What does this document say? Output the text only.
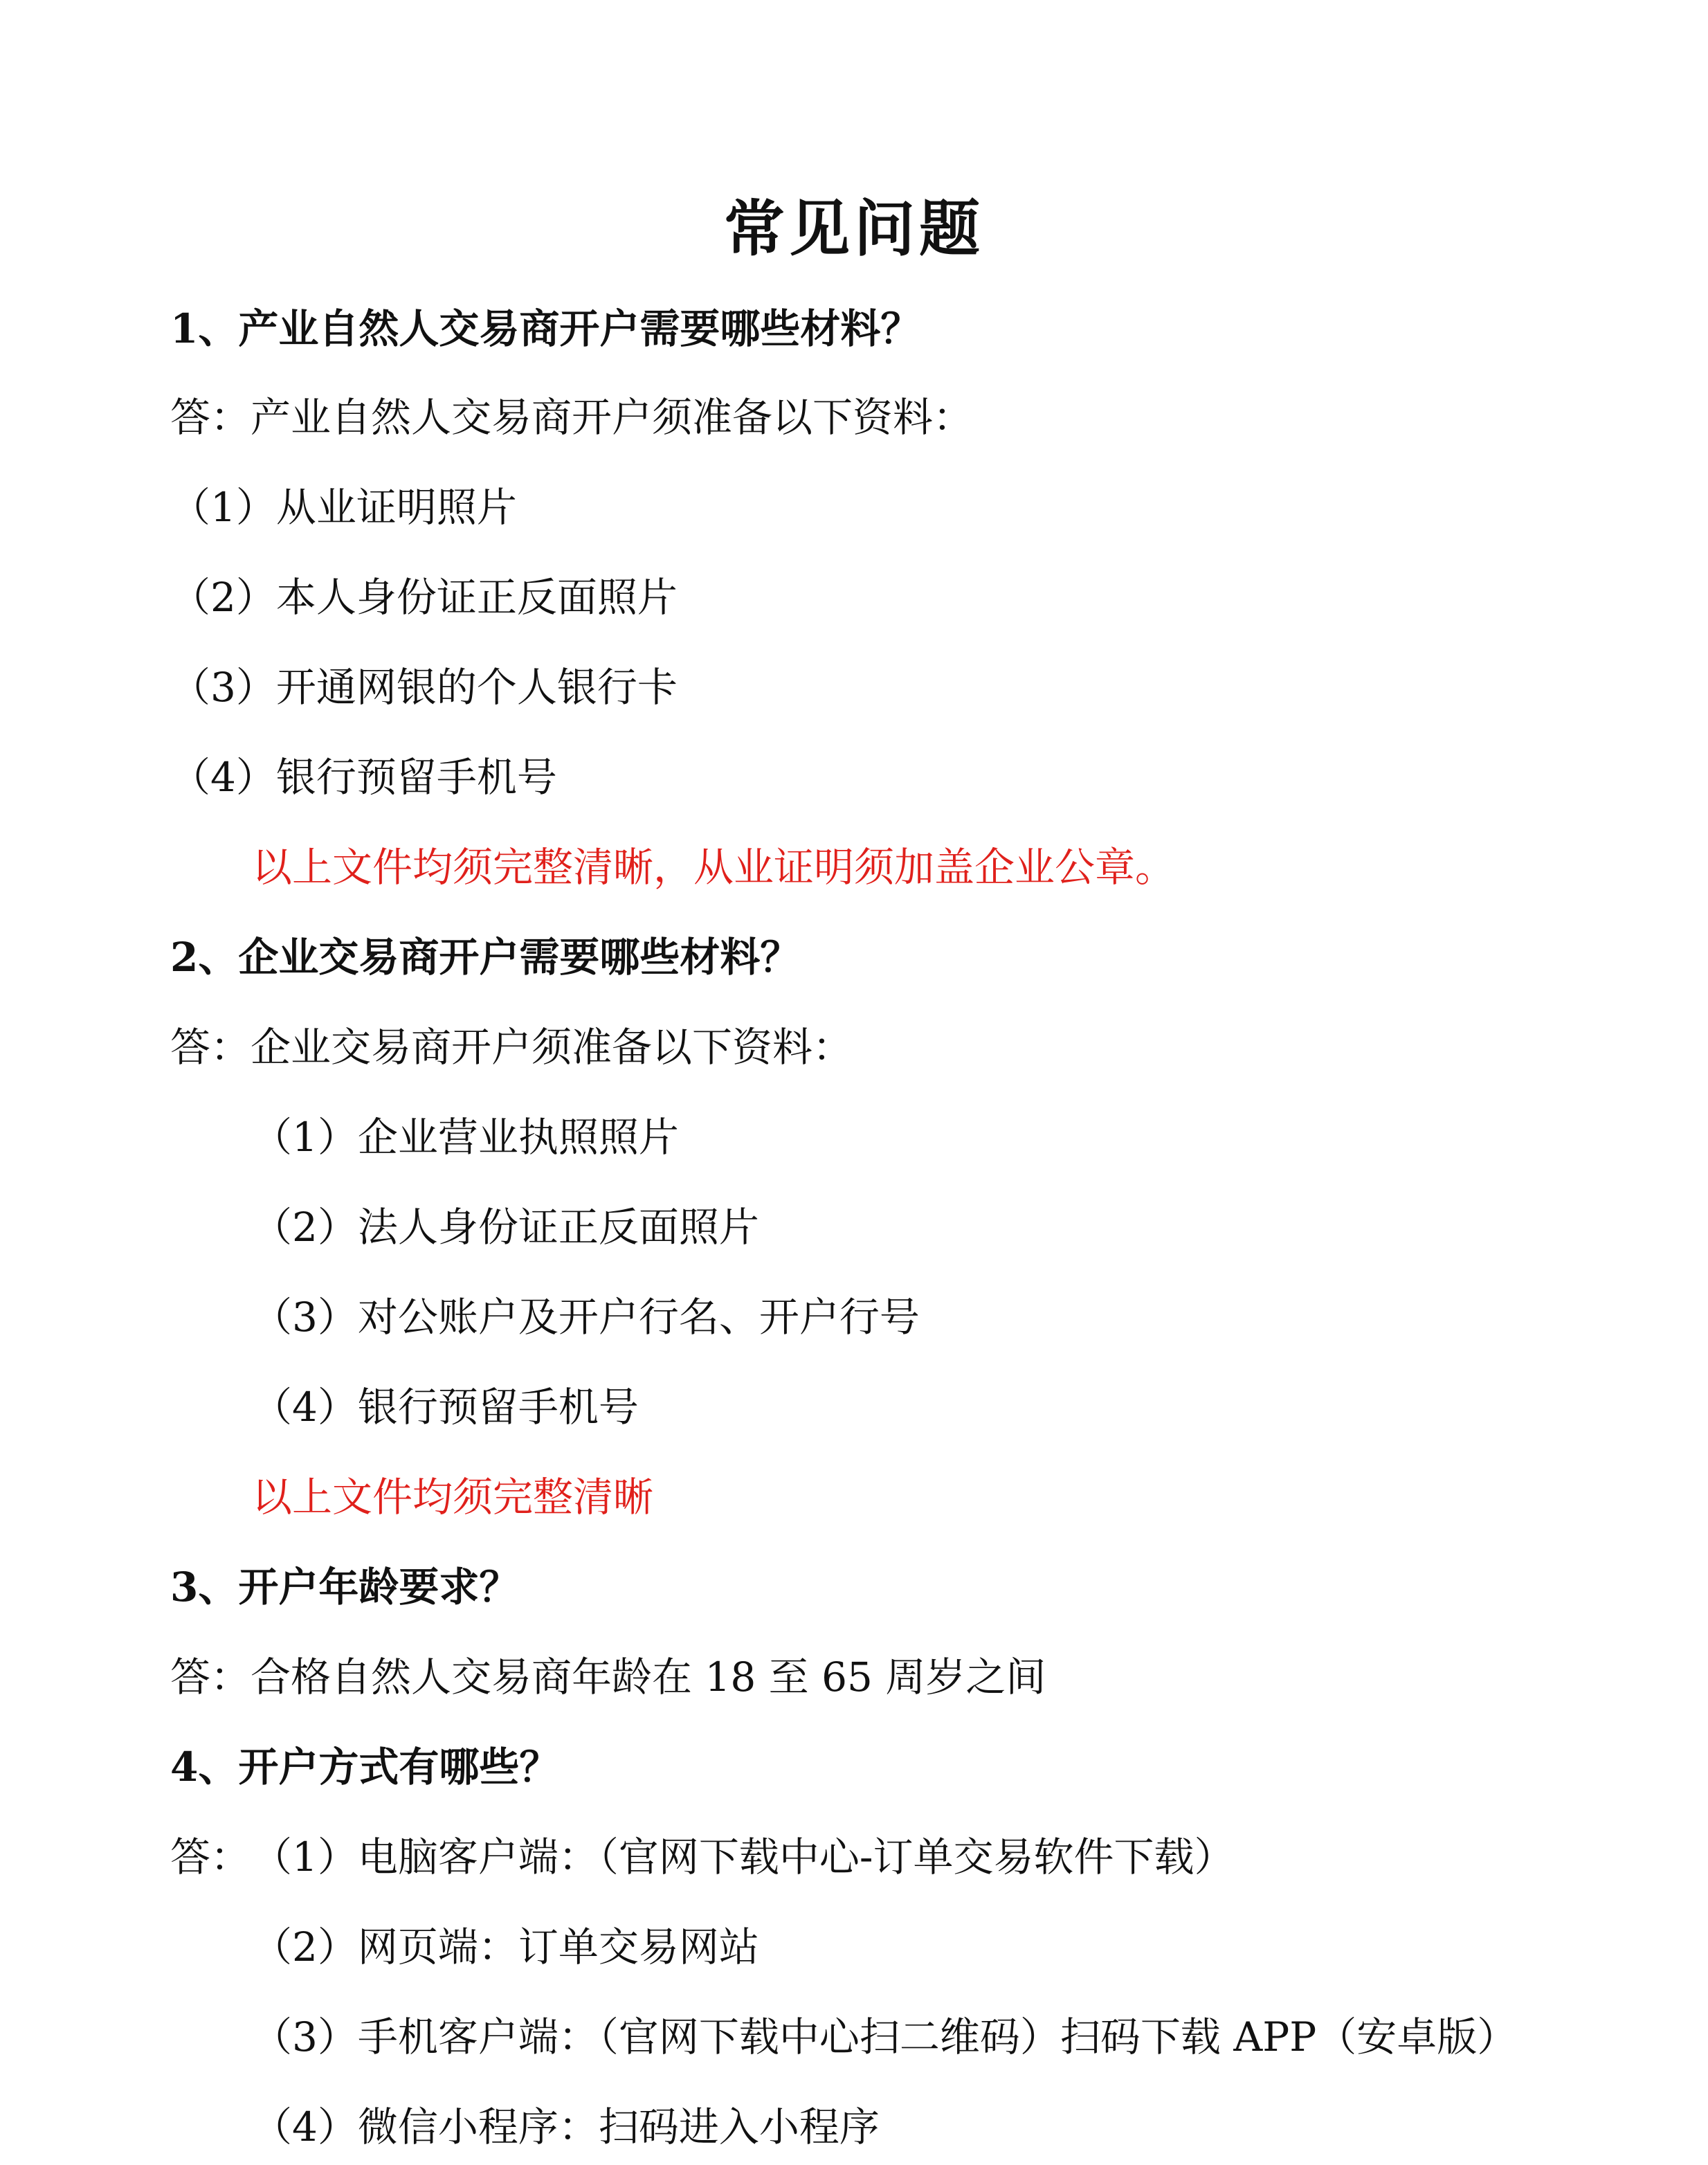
常见问题
1、产业自然人交易商开户需要哪些材料？
答：产业自然人交易商开户须准备以下资料：
（1）从业证明照片
（2）本人身份证正反面照片
（3）开通网银的个人银行卡
（4）银行预留手机号
以上文件均须完整清晰，从业证明须加盖企业公章。
2、企业交易商开户需要哪些材料？
答：企业交易商开户须准备以下资料：
（1）企业营业执照照片
（2）法人身份证正反面照片
（3）对公账户及开户行名、开户行号
（4）银行预留手机号
以上文件均须完整清晰
3、开户年龄要求？
答：合格自然人交易商年龄在 18 至 65 周岁之间
4、开户方式有哪些？
答： （1）电脑客户端：（官网下载中心-订单交易软件下载）
（2）网页端：订单交易网站
（3）手机客户端：（官网下载中心扫二维码）扫码下载 APP（安卓版）
（4）微信小程序：扫码进入小程序
